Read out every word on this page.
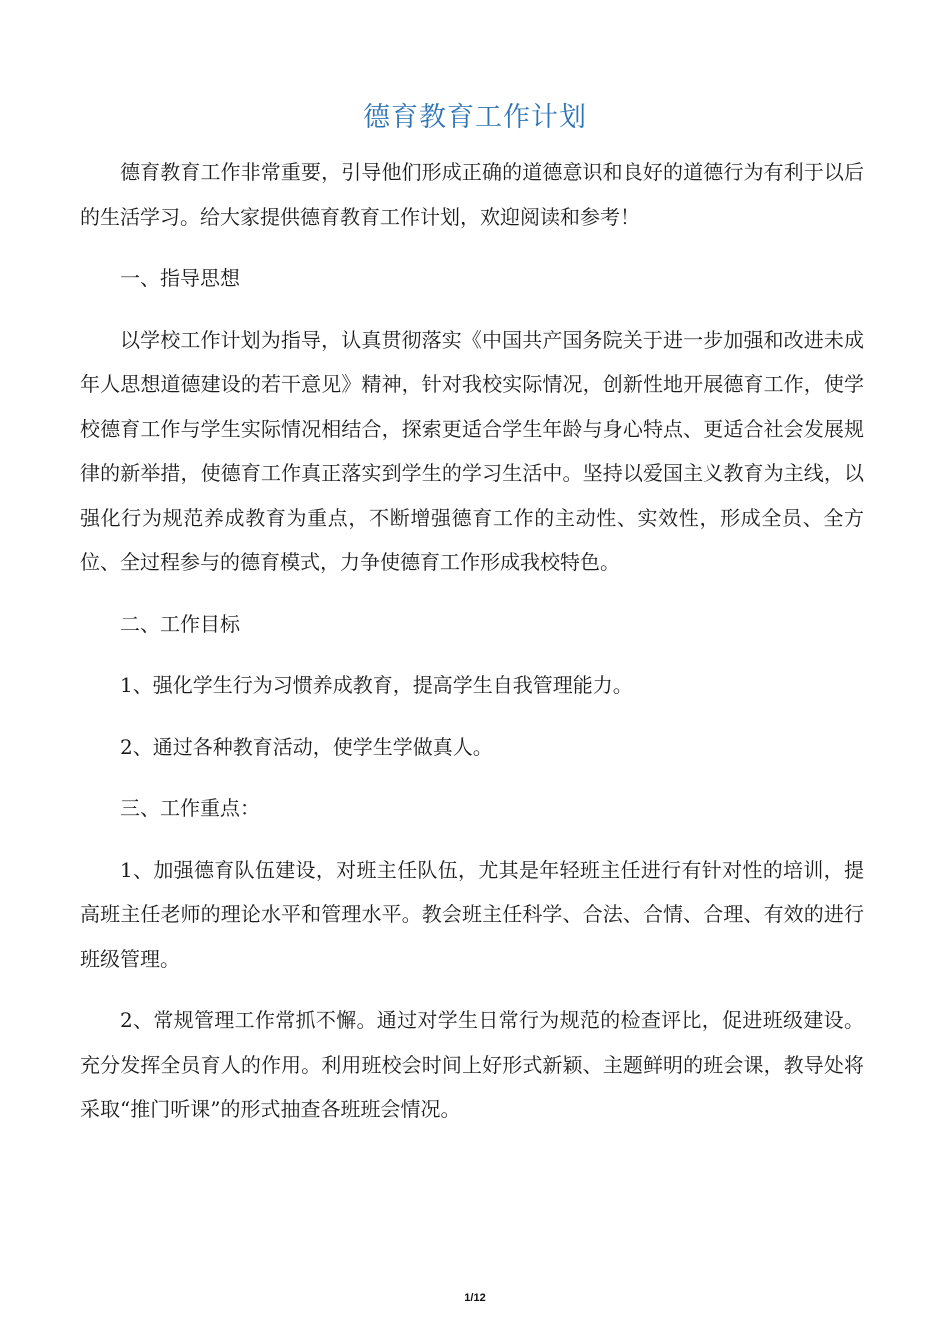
德育教育工作计划

德育教育工作非常重要，引导他们形成正确的道德意识和良好的道德行为有利于以后的生活学习。给大家提供德育教育工作计划，欢迎阅读和参考！

一、指导思想

以学校工作计划为指导，认真贯彻落实《中国共产国务院关于进一步加强和改进未成年人思想道德建设的若干意见》精神，针对我校实际情况，创新性地开展德育工作，使学校德育工作与学生实际情况相结合，探索更适合学生年龄与身心特点、更适合社会发展规律的新举措，使德育工作真正落实到学生的学习生活中。坚持以爱国主义教育为主线，以强化行为规范养成教育为重点，不断增强德育工作的主动性、实效性，形成全员、全方位、全过程参与的德育模式，力争使德育工作形成我校特色。

二、工作目标

1、强化学生行为习惯养成教育，提高学生自我管理能力。

2、通过各种教育活动，使学生学做真人。

三、工作重点：

1、加强德育队伍建设，对班主任队伍，尤其是年轻班主任进行有针对性的培训，提高班主任老师的理论水平和管理水平。教会班主任科学、合法、合情、合理、有效的进行班级管理。

2、常规管理工作常抓不懈。通过对学生日常行为规范的检查评比，促进班级建设。充分发挥全员育人的作用。利用班校会时间上好形式新颖、主题鲜明的班会课，教导处将采取“推门听课”的形式抽查各班班会情况。

1/12
